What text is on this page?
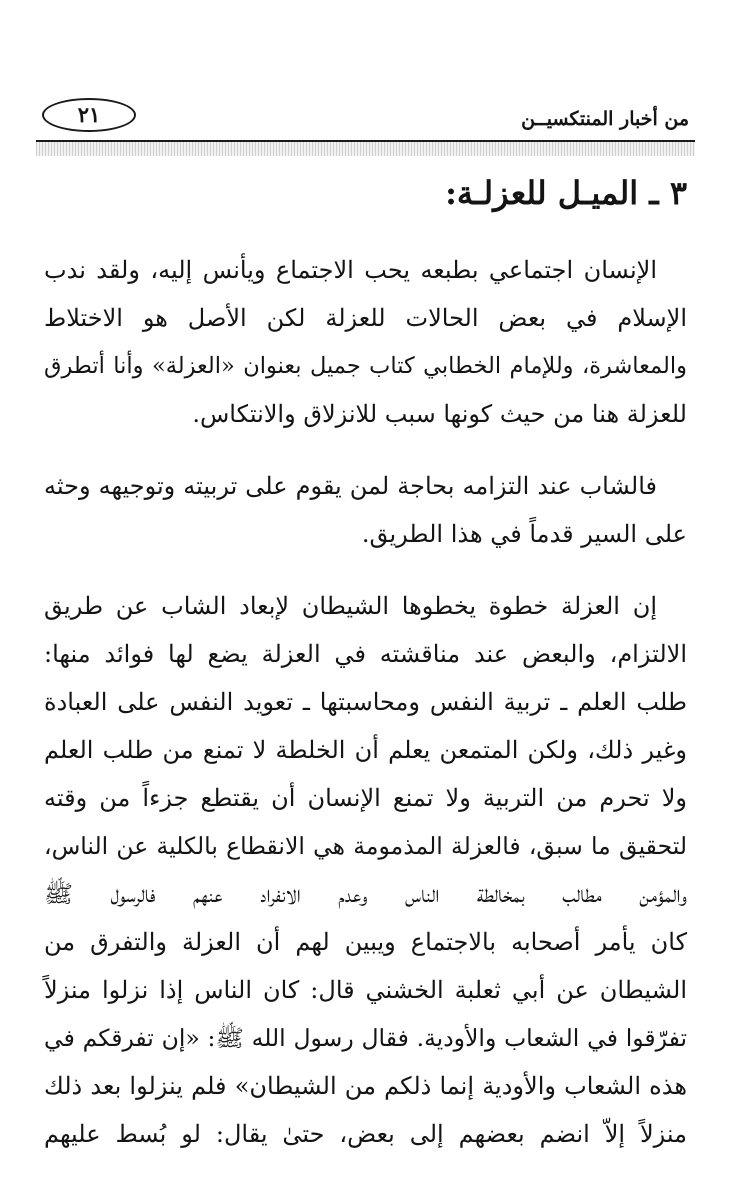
من أخبار المنتكسيــن
٢١
٣ ـ الميـل للعزلـة:

الإنسان اجتماعي بطبعه يحب الاجتماع ويأنس إليه، ولقد ندب
الإسلام في بعض الحالات للعزلة لكن الأصل هو الاختلاط
والمعاشرة، وللإمام الخطابي كتاب جميل بعنوان «العزلة» وأنا أتطرق
للعزلة هنا من حيث كونها سبب للانزلاق والانتكاس.

فالشاب عند التزامه بحاجة لمن يقوم على تربيته وتوجيهه وحثه
على السير قدماً في هذا الطريق.

إن العزلة خطوة يخطوها الشيطان لإبعاد الشاب عن طريق
الالتزام، والبعض عند مناقشته في العزلة يضع لها فوائد منها:
طلب العلم ـ تربية النفس ومحاسبتها ـ تعويد النفس على العبادة
وغير ذلك، ولكن المتمعن يعلم أن الخلطة لا تمنع من طلب العلم
ولا تحرم من التربية ولا تمنع الإنسان أن يقتطع جزءاً من وقته
لتحقيق ما سبق، فالعزلة المذمومة هي الانقطاع بالكلية عن الناس،
والمؤمن مطالب بمخالطة الناس وعدم الانفراد عنهم فالرسول ﷺ
كان يأمر أصحابه بالاجتماع ويبين لهم أن العزلة والتفرق من
الشيطان عن أبي ثعلبة الخشني قال: كان الناس إذا نزلوا منزلاً
تفرّقوا في الشعاب والأودية. فقال رسول الله ﷺ: «إن تفرقكم في
هذه الشعاب والأودية إنما ذلكم من الشيطان» فلم ينزلوا بعد ذلك
منزلاً إلاّ انضم بعضهم إلى بعض، حتىٰ يقال: لو بُسط عليهم
